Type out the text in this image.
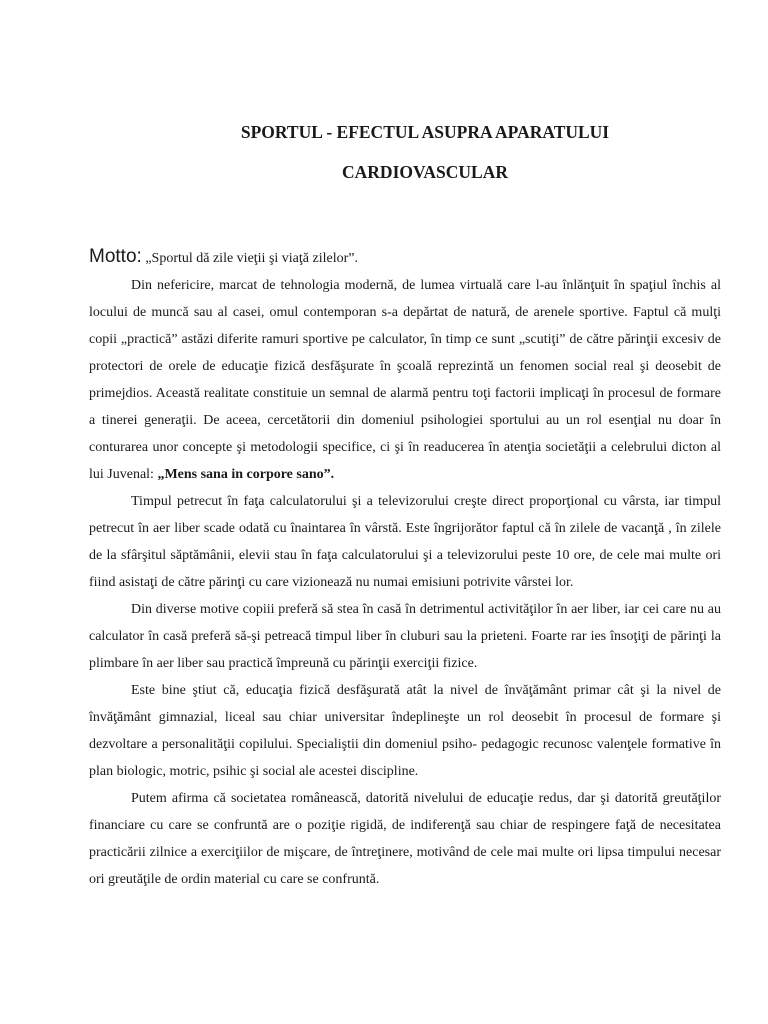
SPORTUL - EFECTUL ASUPRA APARATULUI
CARDIOVASCULAR
Motto: „Sportul dă zile vieţii şi viaţă zilelor”.

Din nefericire, marcat de tehnologia modernă, de lumea virtuală care l-au înlănţuit în spaţiul închis al locului de muncă sau al casei, omul contemporan s-a depărtat de natură, de arenele sportive. Faptul că mulţi copii „practică” astăzi diferite ramuri sportive pe calculator, în timp ce sunt „scutiţi” de către părinţii excesiv de protectori de orele de educaţie fizică desfăşurate în şcoală reprezintă un fenomen social real şi deosebit de primejdios. Această realitate constituie un semnal de alarmă pentru toţi factorii implicaţi în procesul de formare a tinerei generaţii. De aceea, cercetătorii din domeniul psihologiei sportului au un rol esenţial nu doar în conturarea unor concepte şi metodologii specifice, ci şi în readucerea în atenţia societăţii a celebrului dicton al lui Juvenal: „Mens sana in corpore sano”.

Timpul petrecut în faţa calculatorului şi a televizorului creşte direct proporţional cu vârsta, iar timpul petrecut în aer liber scade odată cu înaintarea în vârstă. Este îngrijorător faptul că în zilele de vacanţă , în zilele de la sfârşitul săptămânii, elevii stau în faţa calculatorului şi a televizorului peste 10 ore, de cele mai multe ori fiind asistaţi de către părinţi cu care vizionează nu numai emisiuni potrivite vârstei lor.

Din diverse motive copiii preferă să stea în casă în detrimentul activităţilor în aer liber, iar cei care nu au calculator în casă preferă să-şi petreacă timpul liber în cluburi sau la prieteni. Foarte rar ies însoţiţi de părinţi la plimbare în aer liber sau practică împreună cu părinţii exerciţii fizice.

Este bine ştiut că, educaţia fizică desfăşurată atât la nivel de învăţământ primar cât şi la nivel de învăţământ gimnazial, liceal sau chiar universitar îndeplineşte un rol deosebit în procesul de formare şi dezvoltare a personalităţii copilului. Specialiştii din domeniul psiho- pedagogic recunosc valenţele formative în plan biologic, motric, psihic şi social ale acestei discipline.

Putem afirma că societatea românească, datorită nivelului de educaţie redus, dar şi datorită greutăţilor financiare cu care se confruntă are o poziţie rigidă, de indiferenţă sau chiar de respingere faţă de necesitatea practicării zilnice a exerciţiilor de mişcare, de întreţinere, motivând de cele mai multe ori lipsa timpului necesar ori greutăţile de ordin material cu care se confruntă.
